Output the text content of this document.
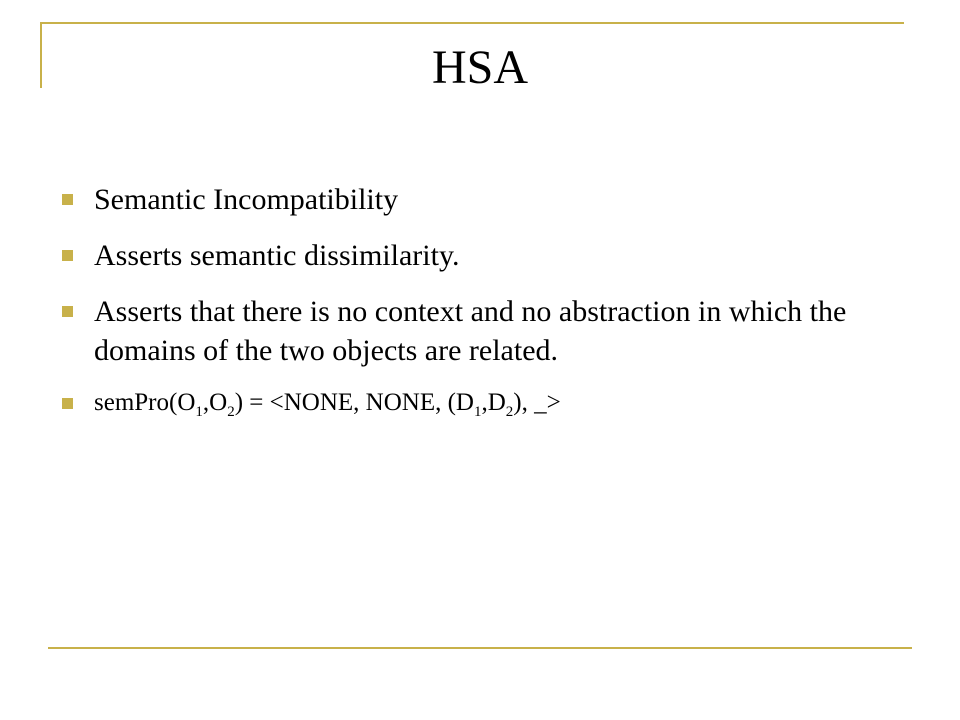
HSA
Semantic Incompatibility
Asserts semantic dissimilarity.
Asserts that there is no context and no abstraction in which the domains of the two objects are related.
$semPro(O_1,O_2)$ = <NONE, NONE, $(D_1,D_2)$, _>
